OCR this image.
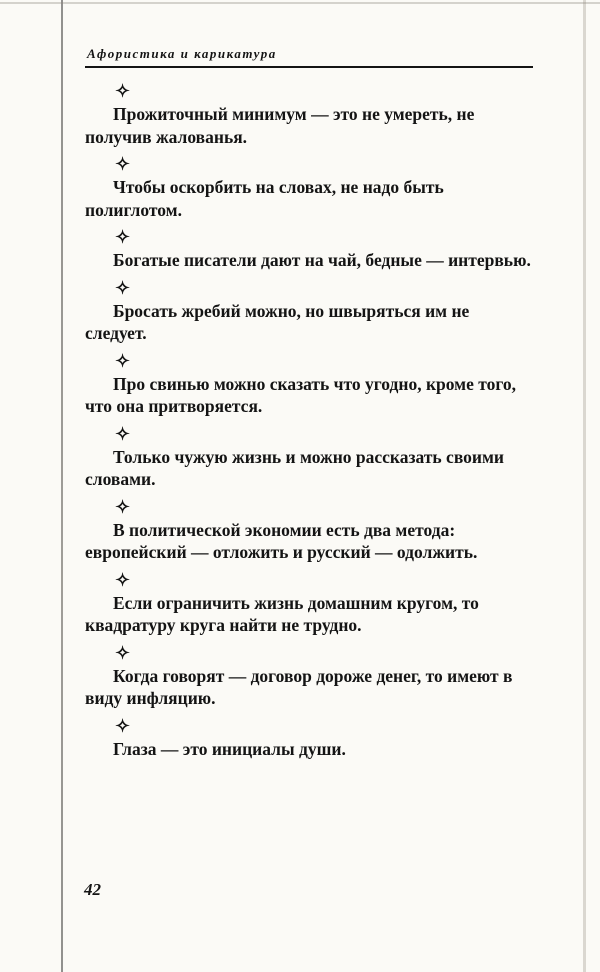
Афористика и карикатура
✧

Прожиточный минимум — это не умереть, не получив жалованья.

✧

Чтобы оскорбить на словах, не надо быть полиглотом.

✧

Богатые писатели дают на чай, бедные — интервью.

✧

Бросать жребий можно, но швыряться им не следует.

✧

Про свинью можно сказать что угодно, кроме того, что она притворяется.

✧

Только чужую жизнь и можно рассказать своими словами.

✧

В политической экономии есть два метода: европейский — отложить и русский — одолжить.

✧

Если ограничить жизнь домашним кругом, то квадратуру круга найти не трудно.

✧

Когда говорят — договор дороже денег, то имеют в виду инфляцию.

✧

Глаза — это инициалы души.

42
